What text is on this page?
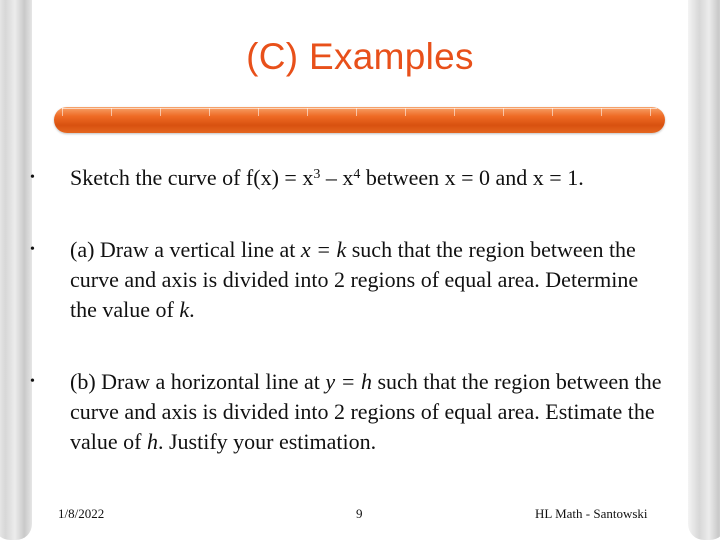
(C) Examples
•	Sketch the curve of $f(x) = x^3 - x^4$ between x = 0 and x = 1.
•	(a) Draw a vertical line at x = k such that the region between the curve and axis is divided into 2 regions of equal area. Determine the value of k.
•	(b) Draw a horizontal line at y = h such that the region between the curve and axis is divided into 2 regions of equal area. Estimate the value of h. Justify your estimation.
1/8/2022	9	HL Math - Santowski
